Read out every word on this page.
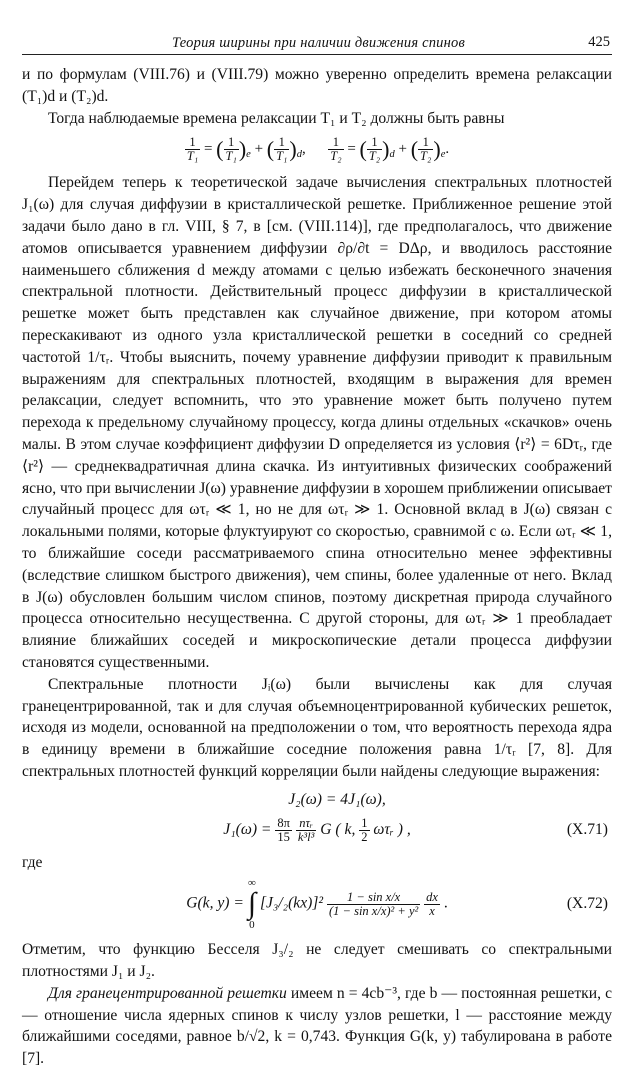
Теория ширины при наличии движения спинов	425

и по формулам (VIII.76) и (VIII.79) можно уверенно определить времена релаксации (T₁)d и (T₂)d.

Тогда наблюдаемые времена релаксации T₁ и T₂ должны быть равны

$\frac{1}{\text{T₁}}$ = ( $\frac{1}{\text{T₁}} )_e$ + ( $\frac{1}{\text{T₁}} )_d$, $\frac{1}{\text{T₂}}$ = ( $\frac{1}{\text{T₂}} )_d$ + ( $\frac{1}{\text{T₂}} )_e$.

Перейдем теперь к теоретической задаче вычисления спектральных плотностей J₁(ω) для случая диффузии в кристаллической решетке. Приближенное решение этой задачи было дано в гл. VIII, § 7, в [см. (VIII.114)], где предполагалось, что движение атомов описывается уравнением диффузии ∂ρ/∂t = DΔρ, и вводилось расстояние наименьшего сближения d между атомами с целью избежать бесконечного значения спектральной плотности. Действительный процесс диффузии в кристаллической решетке может быть представлен как случайное движение, при котором атомы перескакивают из одного узла кристаллической решетки в соседний со средней частотой 1/τᵣ. Чтобы выяснить, почему уравнение диффузии приводит к правильным выражениям для спектральных плотностей, входящим в выражения для времен релаксации, следует вспомнить, что это уравнение может быть получено путем перехода к предельному случайному процессу, когда длины отдельных «скачков» очень малы. В этом случае коэффициент диффузии D определяется из условия ⟨r²⟩ = 6Dτᵣ, где ⟨r²⟩ — среднеквадратичная длина скачка. Из интуитивных физических соображений ясно, что при вычислении J(ω) уравнение диффузии в хорошем приближении описывает случайный процесс для ωτᵣ ≪ 1, но не для ωτᵣ ≫ 1. Основной вклад в J(ω) связан с локальными полями, которые флуктуируют со скоростью, сравнимой с ω. Если ωτᵣ ≪ 1, то ближайшие соседи рассматриваемого спина относительно менее эффективны (вследствие слишком быстрого движения), чем спины, более удаленные от него. Вклад в J(ω) обусловлен большим числом спинов, поэтому дискретная природа случайного процесса относительно несущественна. С другой стороны, для ωτᵣ ≫ 1 преобладает влияние ближайших соседей и микроскопические детали процесса диффузии становятся существенными.

Спектральные плотности Jᵢ(ω) были вычислены как для случая гранецентрированной, так и для случая объемноцентрированной кубических решеток, исходя из модели, основанной на предположении о том, что вероятность перехода ядра в единицу времени в ближайшие соседние положения равна 1/τᵣ [7, 8]. Для спектральных плотностей функций корреляции были найдены следующие выражения:

J₂(ω) = 4J₁(ω),
$J_1(\omega) = \frac{8\pi}{15}$
$\frac{\text{nτᵣ}}{\text{k³l³}}$ G ( k, $\frac{1}{2}$ ωτᵣ ) ,	(X.71)

где

G(k, y) = ∞
∫
0 $[J_3/_2(kx)]^2 \frac{\text{1 − sin x/x}}{\text{(1 − sin x/x)² + y²}}$
$\frac{dx}{x}$ .	(X.72)

Отметим, что функцию Бесселя J₃/₂ не следует смешивать со спектральными плотностями J₁ и J₂.

Для гранецентрированной решетки имеем n = 4cb⁻³, где b — постоянная решетки, c — отношение числа ядерных спинов к числу узлов решетки, l — расстояние между ближайшими соседями, равное b/√2, k = 0,743. Функция G(k, y) табулирована в работе [7].
